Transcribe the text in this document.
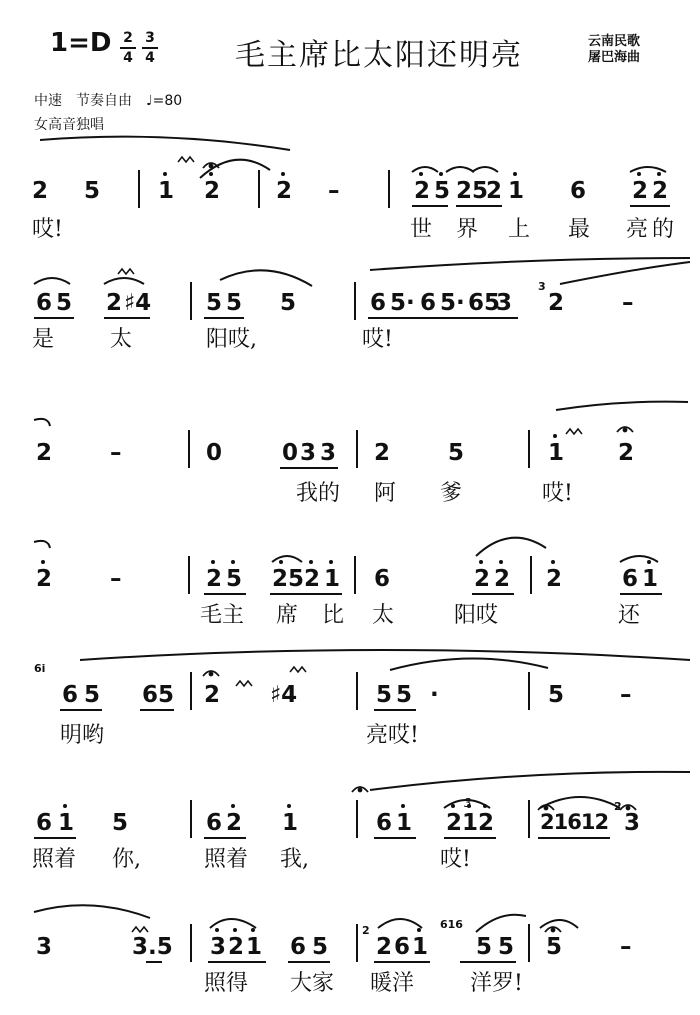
1=D 2
4
3
4	毛主席比太阳还明亮	云南民歌
屠巴海曲
中速　节奏自由　♩=80
女高音独唱
2 5	1 2 2 –	2 5 25
2 1 6 2 2
哎!	世 界 上 最 亮 的
6 5 2 ♯4 5 5 5	6 5· 6 5· 65
3
3
2	–
是	太	阳哎,	哎!
2	–	0	0 3 3 2	5	1 2
我的 阿 爹	哎!
2	–	2 5 25 2 1 6	2 2 2	6 1
毛主 席 比 太	阳哎	还
6i
6 5 65 2 ♯4	5 5 ·	5 –
明哟	亮哎!
6 1 5	6 2 1	6 1 2 1 2
3
21612
2
3
照着 你,	照着 我,	哎!
3	3.5 3 2 1 6 5
2
2 6 1
616
5 5 5	–
照得 大家 暖洋	洋罗!
